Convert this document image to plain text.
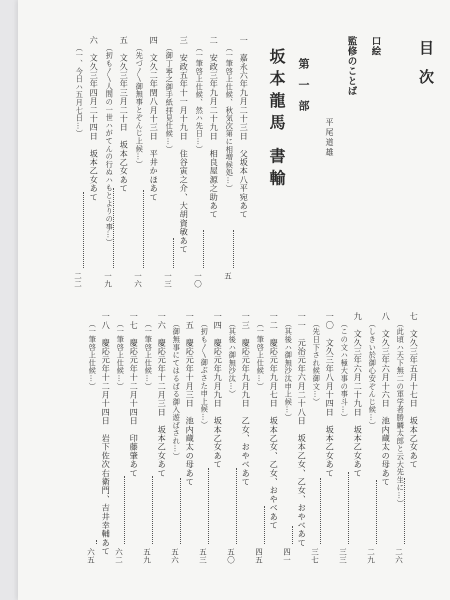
目次
口絵
監修のことば
平尾道雄
第一部
坂本龍馬 書輸
一　嘉永六年九月二十三日　父坂本八平宛あて
（一筆啓上仕候、秋気次第に相増候処…）
五
二　安政三年九月二十九日　相良屋源之助あて
（一筆啓上仕候、然ハ先日…）
一〇
三　安政五年十一月十九日　住谷寅之介、大胡資敏あて
（御丁寧之御手紙拝見仕候…）
一三
四　文久二年閏八月十三日　平井かほあて
（先づ〳〵御無事とぞんじ上候…）
一六
五　文久三年三月二十日　坂本乙女あて
（扨も〳〵人間の一世ハがてんの行ぬハもとよりの事…）
一九
六　文久三年四月二十四日　坂本乙女あて
（一、今日ハ五月七日…）
二二
七　文久三年五月十七日　坂本乙女あて
（此頃ハ天下無二の軍学者勝麟太郎と云大先生に…）
二六
八　文久三年六月十六日　池内蔵太の母あて
（しきい於御心安ぞんじ候…）
二九
九　文久三年六月二十九日　坂本乙女あて
（この文ハ極大事の事斗…）
三三
一〇　文久三年八月十四日　坂本乙女あて
（先日下され候御文…）
三七
一一　元治元年六月二十八日　坂本乙女、乙女、おやべあて
（其後ハ御無沙汰申上候…）
四一
一二　慶応元年九月七日　坂本乙女、乙女、おやべあて
（一筆啓上仕候…）
四五
一三　慶応元年九月九日　乙女、おやべあて
（其後ハ御無沙汰…）
五〇
一四　慶応元年九月九日　坂本乙女あて
（扨も〳〵御ぶさた申上候…）
五三
一五　慶応元年十月三日　池内蔵太の母あて
（御無事にてはるばる御入遊ばされ…）
五六
一六　慶応元年十二月三日　坂本乙女あて
（一筆啓上仕候…）
五九
一七　慶応元年十二月十四日　印藤肇あて
（一筆啓上仕候…）
六二
一八　慶応元年十二月十四日　岩下佐次右衛門、吉井幸輔あて
（一筆啓上仕候…）
六五
